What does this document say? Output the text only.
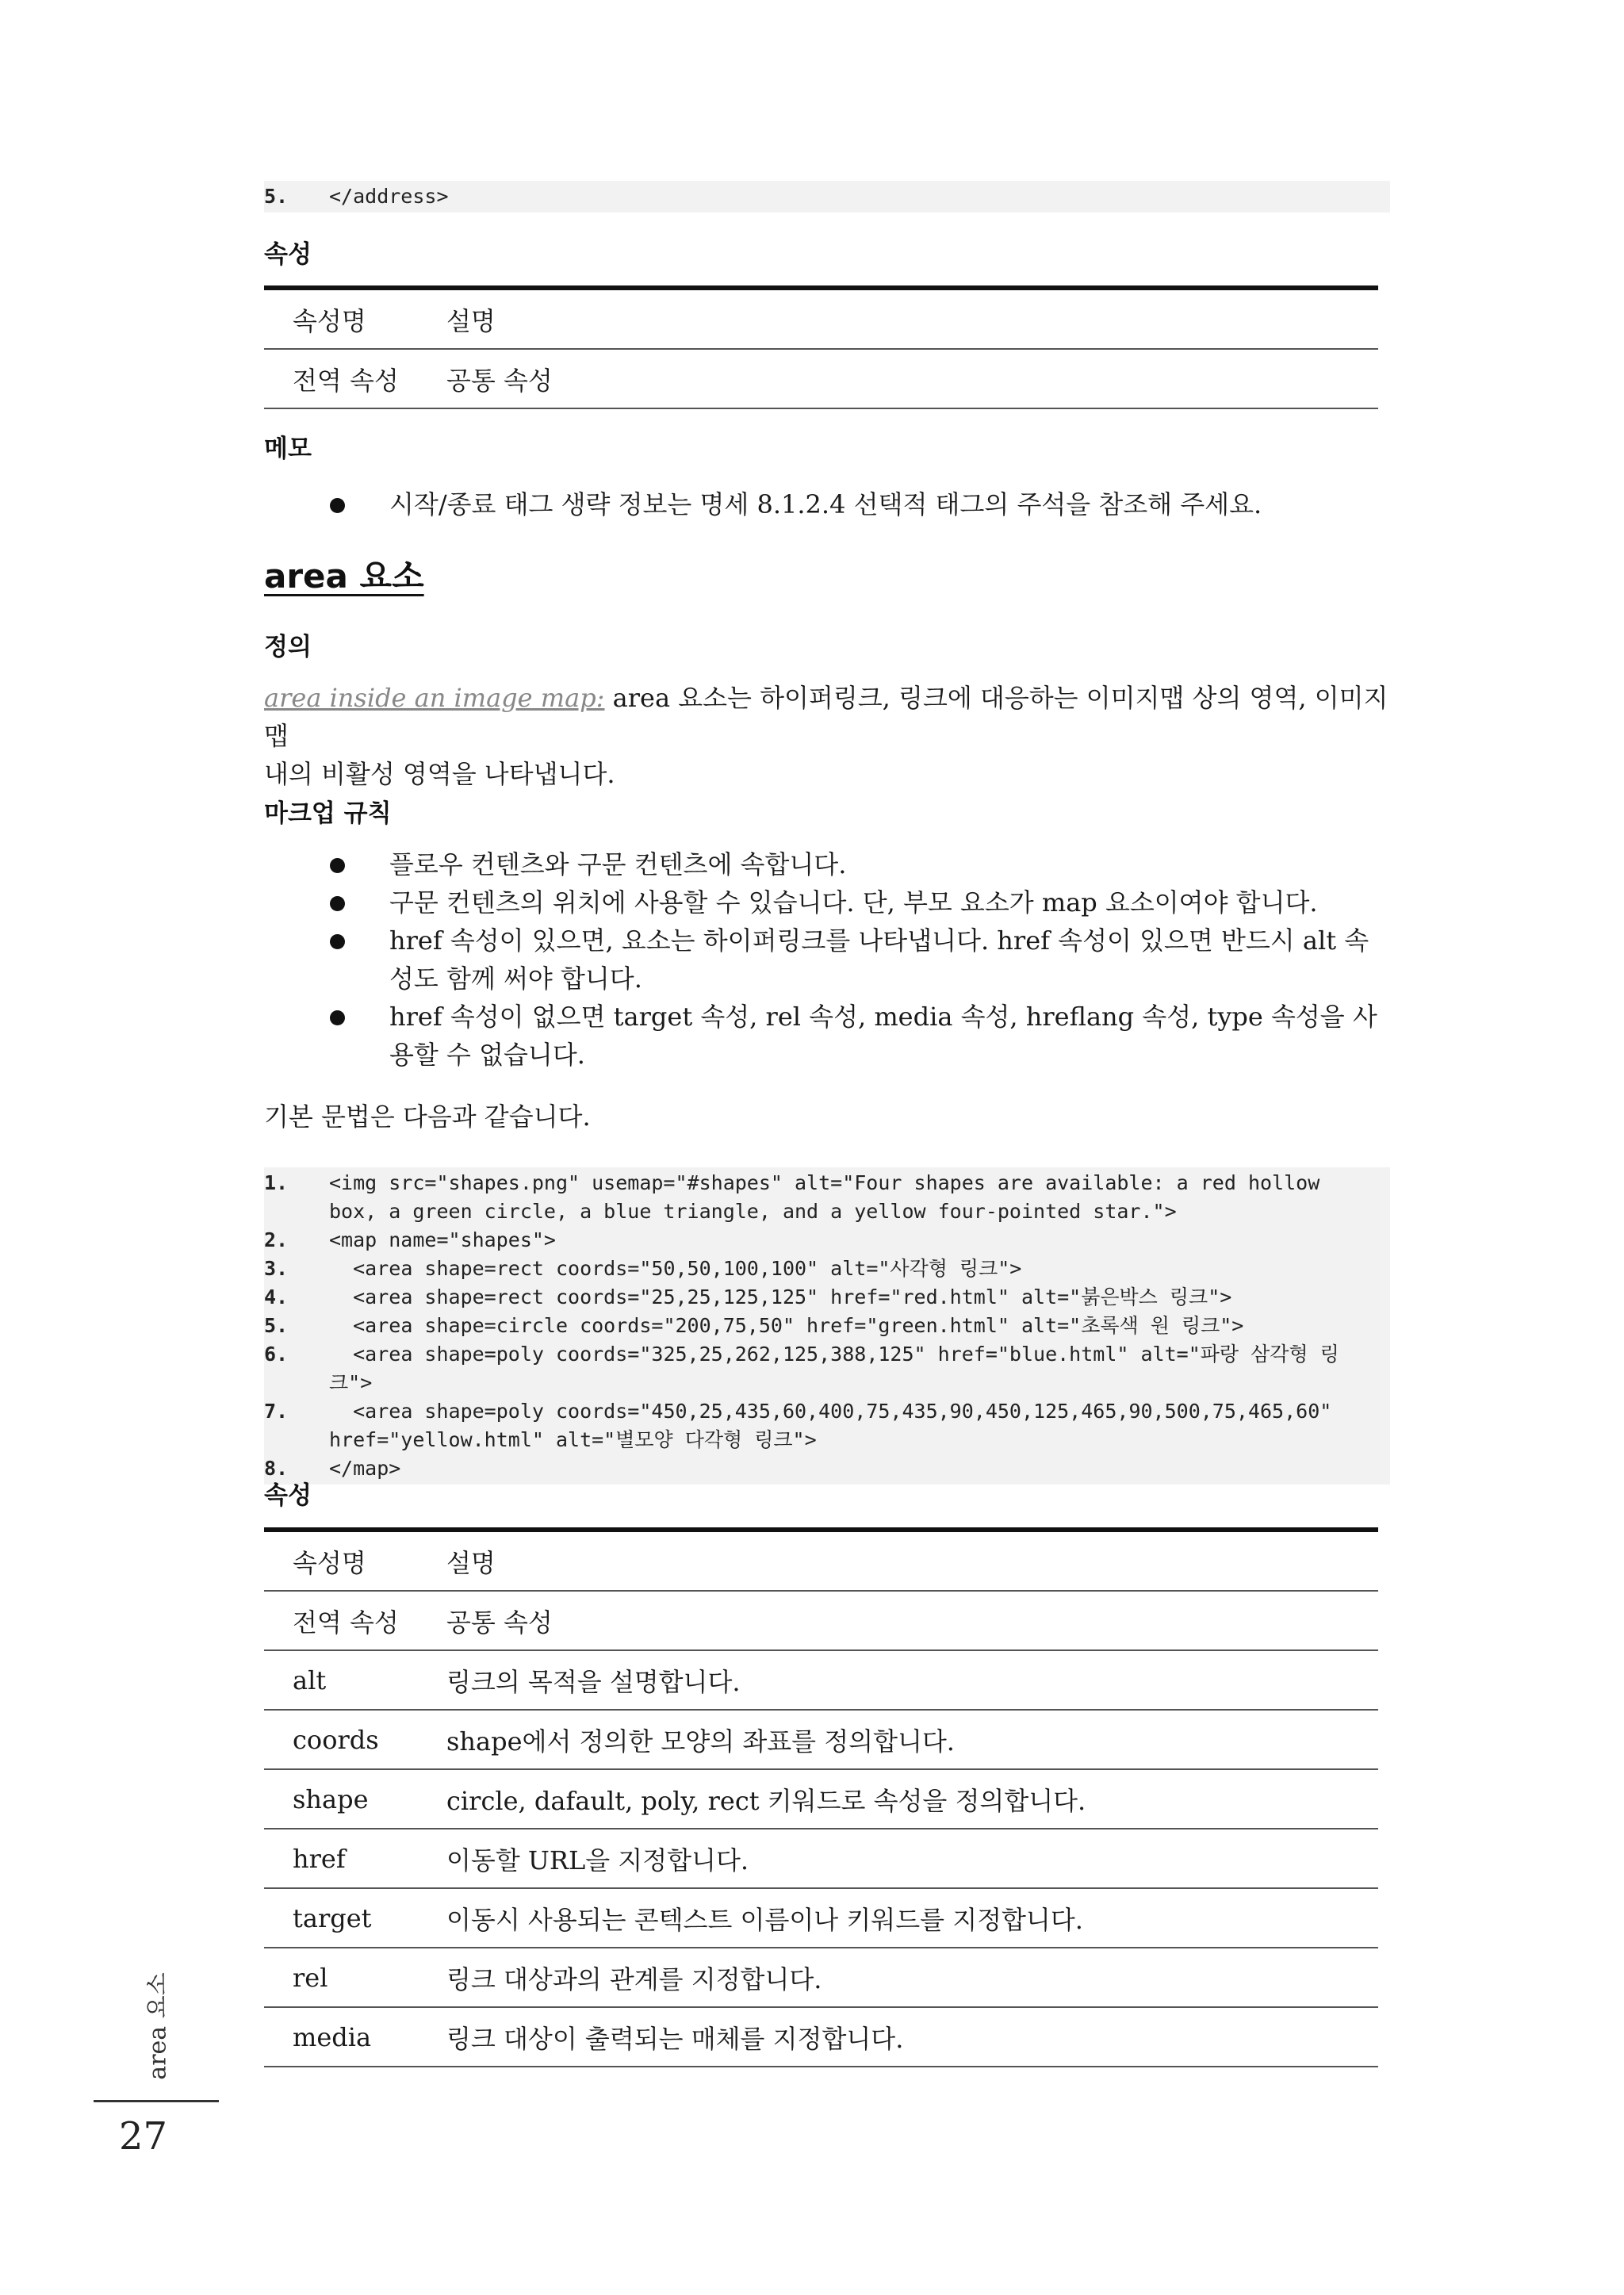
5.	</address>
속성
속성명	설명
전역 속성	공통 속성
메모
시작/종료 태그 생략 정보는 명세 8.1.2.4 선택적 태그의 주석을 참조해 주세요.
area 요소
정의
area inside an image map: area 요소는 하이퍼링크, 링크에 대응하는 이미지맵 상의 영역, 이미지맵
내의 비활성 영역을 나타냅니다.
마크업 규칙
플로우 컨텐츠와 구문 컨텐츠에 속합니다.
구문 컨텐츠의 위치에 사용할 수 있습니다. 단, 부모 요소가 map 요소이여야 합니다.
href 속성이 있으면, 요소는 하이퍼링크를 나타냅니다. href 속성이 있으면 반드시 alt 속성도 함께 써야 합니다.
href 속성이 없으면 target 속성, rel 속성, media 속성, hreflang 속성, type 속성을 사용할 수 없습니다.
기본 문법은 다음과 같습니다.
1.	<img src="shapes.png" usemap="#shapes" alt="Four shapes are available: a red hollow box, a green circle, a blue triangle, and a yellow four-pointed star.">
2.	<map name="shapes">
3.	<area shape=rect coords="50,50,100,100" alt="사각형 링크">
4.	<area shape=rect coords="25,25,125,125" href="red.html" alt="붉은박스 링크">
5.	<area shape=circle coords="200,75,50" href="green.html" alt="초록색 원 링크">
6.	<area shape=poly coords="325,25,262,125,388,125" href="blue.html" alt="파랑 삼각형 링크">
7.	<area shape=poly coords="450,25,435,60,400,75,435,90,450,125,465,90,500,75,465,60" href="yellow.html" alt="별모양 다각형 링크">
8.	</map>
속성
속성명	설명
전역 속성	공통 속성
alt	링크의 목적을 설명합니다.
coords	shape에서 정의한 모양의 좌표를 정의합니다.
shape	circle, dafault, poly, rect 키워드로 속성을 정의합니다.
href	이동할 URL을 지정합니다.
target	이동시 사용되는 콘텍스트 이름이나 키워드를 지정합니다.
rel	링크 대상과의 관계를 지정합니다.
media	링크 대상이 출력되는 매체를 지정합니다.
area 요소
27
